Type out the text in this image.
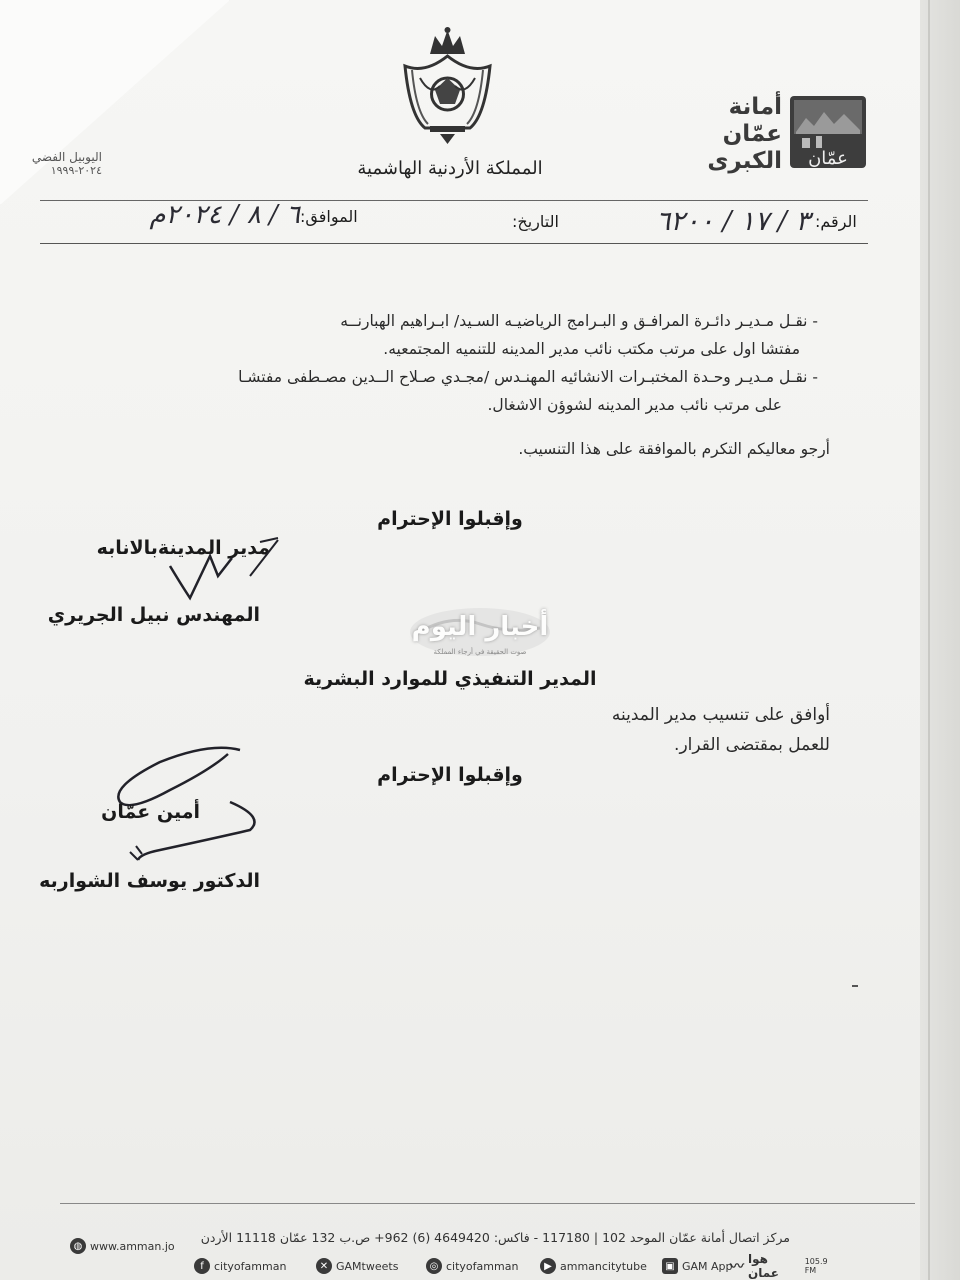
اليوبيل الفضي
٢٠٢٤-١٩٩٩
عمّان
أمانة
عمّان
الكبرى
المملكة الأردنية الهاشمية
الرقم:
٣ / ١٧ / ٦٢٠٠
التاريخ:
الموافق:
٦ / ٨ / ٢٠٢٤م
- نقـل مـديـر دائـرة المرافـق و البـرامج الرياضيـه السـيد/ ابـراهيم الهبارنــه
مفتشا اول على مرتب مكتب نائب مدير المدينه للتنميه المجتمعيه.
- نقـل مـديـر وحـدة المختبـرات الانشائيه المهنـدس /مجـدي صـلاح الــدين مصـطفى مفتشـا
على مرتب نائب مدير المدينه لشوؤن الاشغال.
أرجو معاليكم التكرم بالموافقة على هذا التنسيب.
وإقبلوا الإحترام
مدير المدينةبالانابه
المهندس نبيل الجريري	أخبار اليوم
صوت الحقيقة في أرجاء المملكة
المدير التنفيذي للموارد البشرية
أوافق على تنسيب مدير المدينه
للعمل بمقتضى القرار.
وإقبلوا الإحترام
أمين عمّان
الدكتور يوسف الشواربه
مركز اتصال أمانة عمّان الموحد 102 | 117180 - فاكس: 4649420 (6) 962+ ص.ب 132 عمّان 11118 الأردن
〰 هوا عمان
105.9 FM
▣ GAM App
▶ ammancitytube
◎ cityofamman
✕ GAMtweets
f cityofamman
◍ www.amman.jo
